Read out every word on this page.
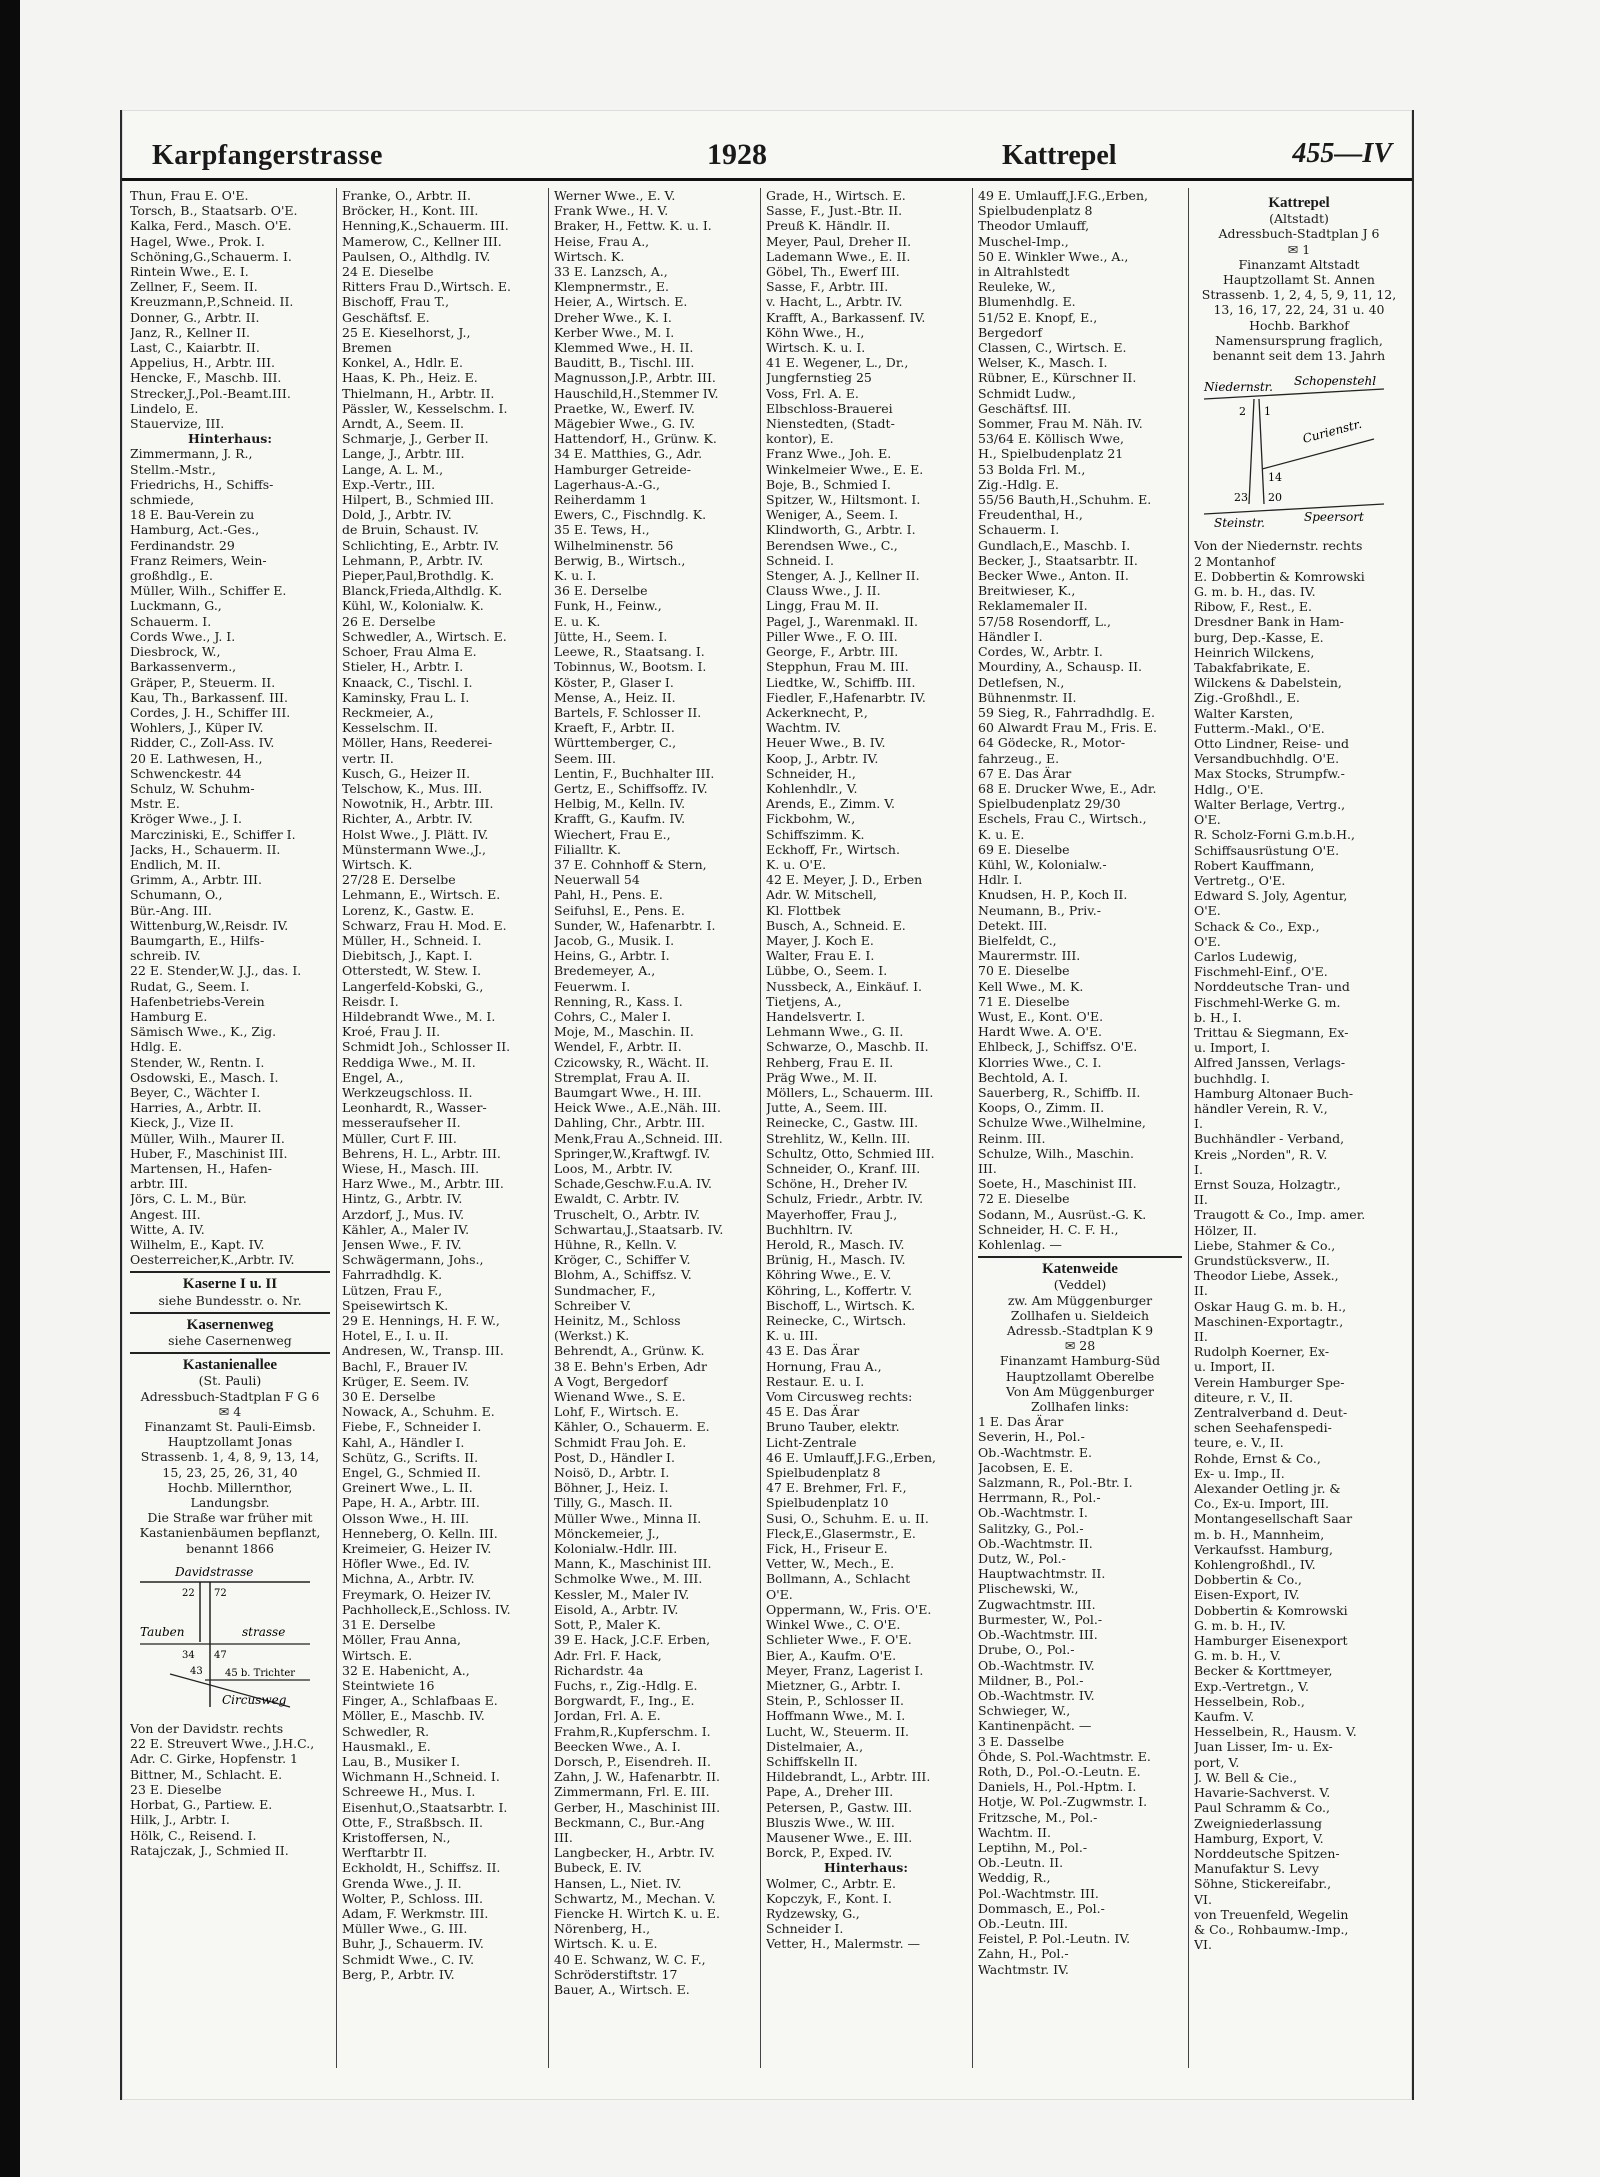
Karpfangerstrasse	1928	Kattrepel	455—IV
Thun, Frau E. O'E.
Torsch, B., Staatsarb. O'E.
Kalka, Ferd., Masch. O'E.
Hagel, Wwe., Prok. I.
Schöning,G.,Schauerm. I.
Rintein Wwe., E. I.
Zellner, F., Seem. II.
Kreuzmann,P.,Schneid. II.
Donner, G., Arbtr. II.
Janz, R., Kellner II.
Last, C., Kaiarbtr. II.
Appelius, H., Arbtr. III.
Hencke, F., Maschb. III.
Strecker,J.,Pol.-Beamt.III.
Lindelo, E.
Stauervize, III.
Hinterhaus:
Zimmermann, J. R.,
Stellm.-Mstr.,
Friedrichs, H., Schiffs-
schmiede,
18 E. Bau-Verein zu
Hamburg, Act.-Ges.,
Ferdinandstr. 29
Franz Reimers, Wein-
großhdlg., E.
Müller, Wilh., Schiffer E.
Luckmann, G.,
Schauerm. I.
Cords Wwe., J. I.
Diesbrock, W.,
Barkassenverm.,
Gräper, P., Steuerm. II.
Kau, Th., Barkassenf. III.
Cordes, J. H., Schiffer III.
Wohlers, J., Küper IV.
Ridder, C., Zoll-Ass. IV.
20 E. Lathwesen, H.,
Schwenckestr. 44
Schulz, W. Schuhm-
Mstr. E.
Kröger Wwe., J. I.
Marcziniski, E., Schiffer I.
Jacks, H., Schauerm. II.
Endlich, M. II.
Grimm, A., Arbtr. III.
Schumann, O.,
Bür.-Ang. III.
Wittenburg,W.,Reisdr. IV.
Baumgarth, E., Hilfs-
schreib. IV.
22 E. Stender,W. J.J., das. I.
Rudat, G., Seem. I.
Hafenbetriebs-Verein
Hamburg E.
Sämisch Wwe., K., Zig.
Hdlg. E.
Stender, W., Rentn. I.
Osdowski, E., Masch. I.
Beyer, C., Wächter I.
Harries, A., Arbtr. II.
Kieck, J., Vize II.
Müller, Wilh., Maurer II.
Huber, F., Maschinist III.
Martensen, H., Hafen-
arbtr. III.
Jörs, C. L. M., Bür.
Angest. III.
Witte, A. IV.
Wilhelm, E., Kapt. IV.
Oesterreicher,K.,Arbtr. IV.
Kaserne I u. II
siehe Bundesstr. o. Nr.
Kasernenweg
siehe Casernenweg
Kastanienallee
(St. Pauli)
Adressbuch-Stadtplan F G 6
✉ 4
Finanzamt St. Pauli-Eimsb.
Hauptzollamt Jonas
Strassenb. 1, 4, 8, 9, 13, 14,
15, 23, 25, 26, 31, 40
Hochb. Millernthor,
Landungsbr.
Die Straße war früher mit
Kastanienbäumen bepflanzt,
benannt 1866
Davidstrasse
Tauben	strasse
Circusweg
45 b. Trichter
22 72
34 47
43
Von der Davidstr. rechts
22 E. Streuvert Wwe., J.H.C.,
Adr. C. Girke, Hopfenstr. 1
Bittner, M., Schlacht. E.
23 E. Dieselbe
Horbat, G., Partiew. E.
Hilk, J., Arbtr. I.
Hölk, C., Reisend. I.
Ratajczak, J., Schmied II.
Franke, O., Arbtr. II.
Bröcker, H., Kont. III.
Henning,K.,Schauerm. III.
Mamerow, C., Kellner III.
Paulsen, O., Althdlg. IV.
24 E. Dieselbe
Ritters Frau D.,Wirtsch. E.
Bischoff, Frau T.,
Geschäftsf. E.
25 E. Kieselhorst, J.,
Bremen
Konkel, A., Hdlr. E.
Haas, K. Ph., Heiz. E.
Thielmann, H., Arbtr. II.
Pässler, W., Kesselschm. I.
Arndt, A., Seem. II.
Schmarje, J., Gerber II.
Lange, J., Arbtr. III.
Lange, A. L. M.,
Exp.-Vertr., III.
Hilpert, B., Schmied III.
Dold, J., Arbtr. IV.
de Bruin, Schaust. IV.
Schlichting, E., Arbtr. IV.
Lehmann, P., Arbtr. IV.
Pieper,Paul,Brothdlg. K.
Blanck,Frieda,Althdlg. K.
Kühl, W., Kolonialw. K.
26 E. Derselbe
Schwedler, A., Wirtsch. E.
Schoer, Frau Alma E.
Stieler, H., Arbtr. I.
Knaack, C., Tischl. I.
Kaminsky, Frau L. I.
Reckmeier, A.,
Kesselschm. II.
Möller, Hans, Reederei-
vertr. II.
Kusch, G., Heizer II.
Telschow, K., Mus. III.
Nowotnik, H., Arbtr. III.
Richter, A., Arbtr. IV.
Holst Wwe., J. Plätt. IV.
Münstermann Wwe.,J.,
Wirtsch. K.
27/28 E. Derselbe
Lehmann, E., Wirtsch. E.
Lorenz, K., Gastw. E.
Schwarz, Frau H. Mod. E.
Müller, H., Schneid. I.
Diebitsch, J., Kapt. I.
Otterstedt, W. Stew. I.
Langerfeld-Kobski, G.,
Reisdr. I.
Hildebrandt Wwe., M. I.
Kroé, Frau J. II.
Schmidt Joh., Schlosser II.
Reddiga Wwe., M. II.
Engel, A.,
Werkzeugschloss. II.
Leonhardt, R., Wasser-
messeraufseher II.
Müller, Curt F. III.
Behrens, H. L., Arbtr. III.
Wiese, H., Masch. III.
Harz Wwe., M., Arbtr. III.
Hintz, G., Arbtr. IV.
Arzdorf, J., Mus. IV.
Kähler, A., Maler IV.
Jensen Wwe., F. IV.
Schwägermann, Johs.,
Fahrradhdlg. K.
Lützen, Frau F.,
Speisewirtsch K.
29 E. Hennings, H. F. W.,
Hotel, E., I. u. II.
Andresen, W., Transp. III.
Bachl, F., Brauer IV.
Krüger, E. Seem. IV.
30 E. Derselbe
Nowack, A., Schuhm. E.
Fiebe, F., Schneider I.
Kahl, A., Händler I.
Schütz, G., Scrifts. II.
Engel, G., Schmied II.
Greinert Wwe., L. II.
Pape, H. A., Arbtr. III.
Olsson Wwe., H. III.
Henneberg, O. Kelln. III.
Kreimeier, G. Heizer IV.
Höfler Wwe., Ed. IV.
Michna, A., Arbtr. IV.
Freymark, O. Heizer IV.
Pachholleck,E.,Schloss. IV.
31 E. Derselbe
Möller, Frau Anna,
Wirtsch. E.
32 E. Habenicht, A.,
Steintwiete 16
Finger, A., Schlafbaas E.
Möller, E., Maschb. IV.
Schwedler, R.
Hausmakl., E.
Lau, B., Musiker I.
Wichmann H.,Schneid. I.
Schreewe H., Mus. I.
Eisenhut,O.,Staatsarbtr. I.
Otte, F., Straßbsch. II.
Kristoffersen, N.,
Werftarbtr II.
Eckholdt, H., Schiffsz. II.
Grenda Wwe., J. II.
Wolter, P., Schloss. III.
Adam, F. Werkmstr. III.
Müller Wwe., G. III.
Buhr, J., Schauerm. IV.
Schmidt Wwe., C. IV.
Berg, P., Arbtr. IV.
Werner Wwe., E. V.
Frank Wwe., H. V.
Braker, H., Fettw. K. u. I.
Heise, Frau A.,
Wirtsch. K.
33 E. Lanzsch, A.,
Klempnermstr., E.
Heier, A., Wirtsch. E.
Dreher Wwe., K. I.
Kerber Wwe., M. I.
Klemmed Wwe., H. II.
Bauditt, B., Tischl. III.
Magnusson,J.P., Arbtr. III.
Hauschild,H.,Stemmer IV.
Praetke, W., Ewerf. IV.
Mägebier Wwe., G. IV.
Hattendorf, H., Grünw. K.
34 E. Matthies, G., Adr.
Hamburger Getreide-
Lagerhaus-A.-G.,
Reiherdamm 1
Ewers, C., Fischndlg. K.
35 E. Tews, H.,
Wilhelminenstr. 56
Berwig, B., Wirtsch.,
K. u. I.
36 E. Derselbe
Funk, H., Feinw.,
E. u. K.
Jütte, H., Seem. I.
Leewe, R., Staatsang. I.
Tobinnus, W., Bootsm. I.
Köster, P., Glaser I.
Mense, A., Heiz. II.
Bartels, F. Schlosser II.
Kraeft, F., Arbtr. II.
Württemberger, C.,
Seem. III.
Lentin, F., Buchhalter III.
Gertz, E., Schiffsoffz. IV.
Helbig, M., Kelln. IV.
Krafft, G., Kaufm. IV.
Wiechert, Frau E.,
Filialltr. K.
37 E. Cohnhoff & Stern,
Neuerwall 54
Pahl, H., Pens. E.
Seifuhsl, E., Pens. E.
Sunder, W., Hafenarbtr. I.
Jacob, G., Musik. I.
Heins, G., Arbtr. I.
Bredemeyer, A.,
Feuerwm. I.
Renning, R., Kass. I.
Cohrs, C., Maler I.
Moje, M., Maschin. II.
Wendel, F., Arbtr. II.
Czicowsky, R., Wächt. II.
Stremplat, Frau A. II.
Baumgart Wwe., H. III.
Heick Wwe., A.E.,Näh. III.
Dahling, Chr., Arbtr. III.
Menk,Frau A.,Schneid. III.
Springer,W.,Kraftwgf. IV.
Loos, M., Arbtr. IV.
Schade,Geschw.F.u.A. IV.
Ewaldt, C. Arbtr. IV.
Truschelt, O., Arbtr. IV.
Schwartau,J.,Staatsarb. IV.
Hühne, R., Kelln. V.
Kröger, C., Schiffer V.
Blohm, A., Schiffsz. V.
Sundmacher, F.,
Schreiber V.
Heinitz, M., Schloss
(Werkst.) K.
Behrendt, A., Grünw. K.
38 E. Behn's Erben, Adr
A Vogt, Bergedorf
Wienand Wwe., S. E.
Lohf, F., Wirtsch. E.
Kähler, O., Schauerm. E.
Schmidt Frau Joh. E.
Post, D., Händler I.
Noisö, D., Arbtr. I.
Böhner, J., Heiz. I.
Tilly, G., Masch. II.
Müller Wwe., Minna II.
Mönckemeier, J.,
Kolonialw.-Hdlr. III.
Mann, K., Maschinist III.
Schmolke Wwe., M. III.
Kessler, M., Maler IV.
Eisold, A., Arbtr. IV.
Sott, P., Maler K.
39 E. Hack, J.C.F. Erben,
Adr. Frl. F. Hack,
Richardstr. 4a
Fuchs, r., Zig.-Hdlg. E.
Borgwardt, F., Ing., E.
Jordan, Frl. A. E.
Frahm,R.,Kupferschm. I.
Beecken Wwe., A. I.
Dorsch, P., Eisendreh. II.
Zahn, J. W., Hafenarbtr. II.
Zimmermann, Frl. E. III.
Gerber, H., Maschinist III.
Beckmann, C., Bur.-Ang
III.
Langbecker, H., Arbtr. IV.
Bubeck, E. IV.
Hansen, L., Niet. IV.
Schwartz, M., Mechan. V.
Fiencke H. Wirtch K. u. E.
Nörenberg, H.,
Wirtsch. K. u. E.
40 E. Schwanz, W. C. F.,
Schröderstiftstr. 17
Bauer, A., Wirtsch. E.
Grade, H., Wirtsch. E.
Sasse, F., Just.-Btr. II.
Preuß K. Händlr. II.
Meyer, Paul, Dreher II.
Lademann Wwe., E. II.
Göbel, Th., Ewerf III.
Sasse, F., Arbtr. III.
v. Hacht, L., Arbtr. IV.
Krafft, A., Barkassenf. IV.
Köhn Wwe., H.,
Wirtsch. K. u. I.
41 E. Wegener, L., Dr.,
Jungfernstieg 25
Voss, Frl. A. E.
Elbschloss-Brauerei
Nienstedten, (Stadt-
kontor), E.
Franz Wwe., Joh. E.
Winkelmeier Wwe., E. E.
Boje, B., Schmied I.
Spitzer, W., Hiltsmont. I.
Weniger, A., Seem. I.
Klindworth, G., Arbtr. I.
Berendsen Wwe., C.,
Schneid. I.
Stenger, A. J., Kellner II.
Clauss Wwe., J. II.
Lingg, Frau M. II.
Pagel, J., Warenmakl. II.
Piller Wwe., F. O. III.
George, F., Arbtr. III.
Stepphun, Frau M. III.
Liedtke, W., Schiffb. III.
Fiedler, F.,Hafenarbtr. IV.
Ackerknecht, P.,
Wachtm. IV.
Heuer Wwe., B. IV.
Koop, J., Arbtr. IV.
Schneider, H.,
Kohlenhdlr., V.
Arends, E., Zimm. V.
Fickbohm, W.,
Schiffszimm. K.
Eckhoff, Fr., Wirtsch.
K. u. O'E.
42 E. Meyer, J. D., Erben
Adr. W. Mitschell,
Kl. Flottbek
Busch, A., Schneid. E.
Mayer, J. Koch E.
Walter, Frau E. I.
Lübbe, O., Seem. I.
Nussbeck, A., Einkäuf. I.
Tietjens, A.,
Handelsvertr. I.
Lehmann Wwe., G. II.
Schwarze, O., Maschb. II.
Rehberg, Frau E. II.
Präg Wwe., M. II.
Möllers, L., Schauerm. III.
Jutte, A., Seem. III.
Reinecke, C., Gastw. III.
Strehlitz, W., Kelln. III.
Schultz, Otto, Schmied III.
Schneider, O., Kranf. III.
Schöne, H., Dreher IV.
Schulz, Friedr., Arbtr. IV.
Mayerhoffer, Frau J.,
Buchhltrn. IV.
Herold, R., Masch. IV.
Brünig, H., Masch. IV.
Köhring Wwe., E. V.
Köhring, L., Koffertr. V.
Bischoff, L., Wirtsch. K.
Reinecke, C., Wirtsch.
K. u. III.
43 E. Das Ärar
Hornung, Frau A.,
Restaur. E. u. I.
Vom Circusweg rechts:
45 E. Das Ärar
Bruno Tauber, elektr.
Licht-Zentrale
46 E. Umlauff,J.F.G.,Erben,
Spielbudenplatz 8
47 E. Brehmer, Frl. F.,
Spielbudenplatz 10
Susi, O., Schuhm. E. u. II.
Fleck,E.,Glasermstr., E.
Fick, H., Friseur E.
Vetter, W., Mech., E.
Bollmann, A., Schlacht
O'E.
Oppermann, W., Fris. O'E.
Winkel Wwe., C. O'E.
Schlieter Wwe., F. O'E.
Bier, A., Kaufm. O'E.
Meyer, Franz, Lagerist I.
Mietzner, G., Arbtr. I.
Stein, P., Schlosser II.
Hoffmann Wwe., M. I.
Lucht, W., Steuerm. II.
Distelmaier, A.,
Schiffskelln II.
Hildebrandt, L., Arbtr. III.
Pape, A., Dreher III.
Petersen, P., Gastw. III.
Bluszis Wwe., W. III.
Mausener Wwe., E. III.
Borck, P., Exped. IV.
Hinterhaus:
Wolmer, C., Arbtr. E.
Kopczyk, F., Kont. I.
Rydzewsky, G.,
Schneider I.
Vetter, H., Malermstr. —
49 E. Umlauff,J.F.G.,Erben,
Spielbudenplatz 8
Theodor Umlauff,
Muschel-Imp.,
50 E. Winkler Wwe., A.,
in Altrahlstedt
Reuleke, W.,
Blumenhdlg. E.
51/52 E. Knopf, E.,
Bergedorf
Classen, C., Wirtsch. E.
Welser, K., Masch. I.
Rübner, E., Kürschner II.
Schmidt Ludw.,
Geschäftsf. III.
Sommer, Frau M. Näh. IV.
53/64 E. Köllisch Wwe,
H., Spielbudenplatz 21
53 Bolda Frl. M.,
Zig.-Hdlg. E.
55/56 Bauth,H.,Schuhm. E.
Freudenthal, H.,
Schauerm. I.
Gundlach,E., Maschb. I.
Becker, J., Staatsarbtr. II.
Becker Wwe., Anton. II.
Breitwieser, K.,
Reklamemaler II.
57/58 Rosendorff, L.,
Händler I.
Cordes, W., Arbtr. I.
Mourdiny, A., Schausp. II.
Detlefsen, N.,
Bühnenmstr. II.
59 Sieg, R., Fahrradhdlg. E.
60 Alwardt Frau M., Fris. E.
64 Gödecke, R., Motor-
fahrzeug., E.
67 E. Das Ärar
68 E. Drucker Wwe, E., Adr.
Spielbudenplatz 29/30
Eschels, Frau C., Wirtsch.,
K. u. E.
69 E. Dieselbe
Kühl, W., Kolonialw.-
Hdlr. I.
Knudsen, H. P., Koch II.
Neumann, B., Priv.-
Detekt. III.
Bielfeldt, C.,
Maurermstr. III.
70 E. Dieselbe
Kell Wwe., M. K.
71 E. Dieselbe
Wust, E., Kont. O'E.
Hardt Wwe. A. O'E.
Ehlbeck, J., Schiffsz. O'E.
Klorries Wwe., C. I.
Bechtold, A. I.
Sauerberg, R., Schiffb. II.
Koops, O., Zimm. II.
Schulze Wwe.,Wilhelmine,
Reinm. III.
Schulze, Wilh., Maschin.
III.
Soete, H., Maschinist III.
72 E. Dieselbe
Sodann, M., Ausrüst.-G. K.
Schneider, H. C. F. H.,
Kohlenlag. —
Katenweide
(Veddel)
zw. Am Müggenburger
Zollhafen u. Sieldeich
Adressb.-Stadtplan K 9
✉ 28
Finanzamt Hamburg-Süd
Hauptzollamt Oberelbe
Von Am Müggenburger
Zollhafen links:
1 E. Das Ärar
Severin, H., Pol.-
Ob.-Wachtmstr. E.
Jacobsen, E. E.
Salzmann, R., Pol.-Btr. I.
Herrmann, R., Pol.-
Ob.-Wachtmstr. I.
Salitzky, G., Pol.-
Ob.-Wachtmstr. II.
Dutz, W., Pol.-
Hauptwachtmstr. II.
Plischewski, W.,
Zugwachtmstr. III.
Burmester, W., Pol.-
Ob.-Wachtmstr. III.
Drube, O., Pol.-
Ob.-Wachtmstr. IV.
Mildner, B., Pol.-
Ob.-Wachtmstr. IV.
Schwieger, W.,
Kantinenpächt. —
3 E. Dasselbe
Öhde, S. Pol.-Wachtmstr. E.
Roth, D., Pol.-O.-Leutn. E.
Daniels, H., Pol.-Hptm. I.
Hotje, W. Pol.-Zugwmstr. I.
Fritzsche, M., Pol.-
Wachtm. II.
Leptihn, M., Pol.-
Ob.-Leutn. II.
Weddig, R.,
Pol.-Wachtmstr. III.
Dommasch, E., Pol.-
Ob.-Leutn. III.
Feistel, P. Pol.-Leutn. IV.
Zahn, H., Pol.-
Wachtmstr. IV.
Kattrepel
(Altstadt)
Adressbuch-Stadtplan J 6
✉ 1
Finanzamt Altstadt
Hauptzollamt St. Annen
Strassenb. 1, 2, 4, 5, 9, 11, 12,
13, 16, 17, 22, 24, 31 u. 40
Hochb. Barkhof
Namensursprung fraglich,
benannt seit dem 13. Jahrh
Niedernstr. Schopenstehl
Curienstr.
Steinstr.	Speersort
2 1
14
23 20
Von der Niedernstr. rechts
2 Montanhof
E. Dobbertin & Komrowski
G. m. b. H., das. IV.
Ribow, F., Rest., E.
Dresdner Bank in Ham-
burg, Dep.-Kasse, E.
Heinrich Wilckens,
Tabakfabrikate, E.
Wilckens & Dabelstein,
Zig.-Großhdl., E.
Walter Karsten,
Futterm.-Makl., O'E.
Otto Lindner, Reise- und
Versandbuchhdlg. O'E.
Max Stocks, Strumpfw.-
Hdlg., O'E.
Walter Berlage, Vertrg.,
O'E.
R. Scholz-Forni G.m.b.H.,
Schiffsausrüstung O'E.
Robert Kauffmann,
Vertretg., O'E.
Edward S. Joly, Agentur,
O'E.
Schack & Co., Exp.,
O'E.
Carlos Ludewig,
Fischmehl-Einf., O'E.
Norddeutsche Tran- und
Fischmehl-Werke G. m.
b. H., I.
Trittau & Siegmann, Ex-
u. Import, I.
Alfred Janssen, Verlags-
buchhdlg. I.
Hamburg Altonaer Buch-
händler Verein, R. V.,
I.
Buchhändler - Verband,
Kreis „Norden", R. V.
I.
Ernst Souza, Holzagtr.,
II.
Traugott & Co., Imp. amer.
Hölzer, II.
Liebe, Stahmer & Co.,
Grundstücksverw., II.
Theodor Liebe, Assek.,
II.
Oskar Haug G. m. b. H.,
Maschinen-Exportagtr.,
II.
Rudolph Koerner, Ex-
u. Import, II.
Verein Hamburger Spe-
diteure, r. V., II.
Zentralverband d. Deut-
schen Seehafenspedi-
teure, e. V., II.
Rohde, Ernst & Co.,
Ex- u. Imp., II.
Alexander Oetling jr. &
Co., Ex-u. Import, III.
Montangesellschaft Saar
m. b. H., Mannheim,
Verkaufsst. Hamburg,
Kohlengroßhdl., IV.
Dobbertin & Co.,
Eisen-Export, IV.
Dobbertin & Komrowski
G. m. b. H., IV.
Hamburger Eisenexport
G. m. b. H., V.
Becker & Korttmeyer,
Exp.-Vertretgn., V.
Hesselbein, Rob.,
Kaufm. V.
Hesselbein, R., Hausm. V.
Juan Lisser, Im- u. Ex-
port, V.
J. W. Bell & Cie.,
Havarie-Sachverst. V.
Paul Schramm & Co.,
Zweigniederlassung
Hamburg, Export, V.
Norddeutsche Spitzen-
Manufaktur S. Levy
Söhne, Stickereifabr.,
VI.
von Treuenfeld, Wegelin
& Co., Rohbaumw.-Imp.,
VI.
